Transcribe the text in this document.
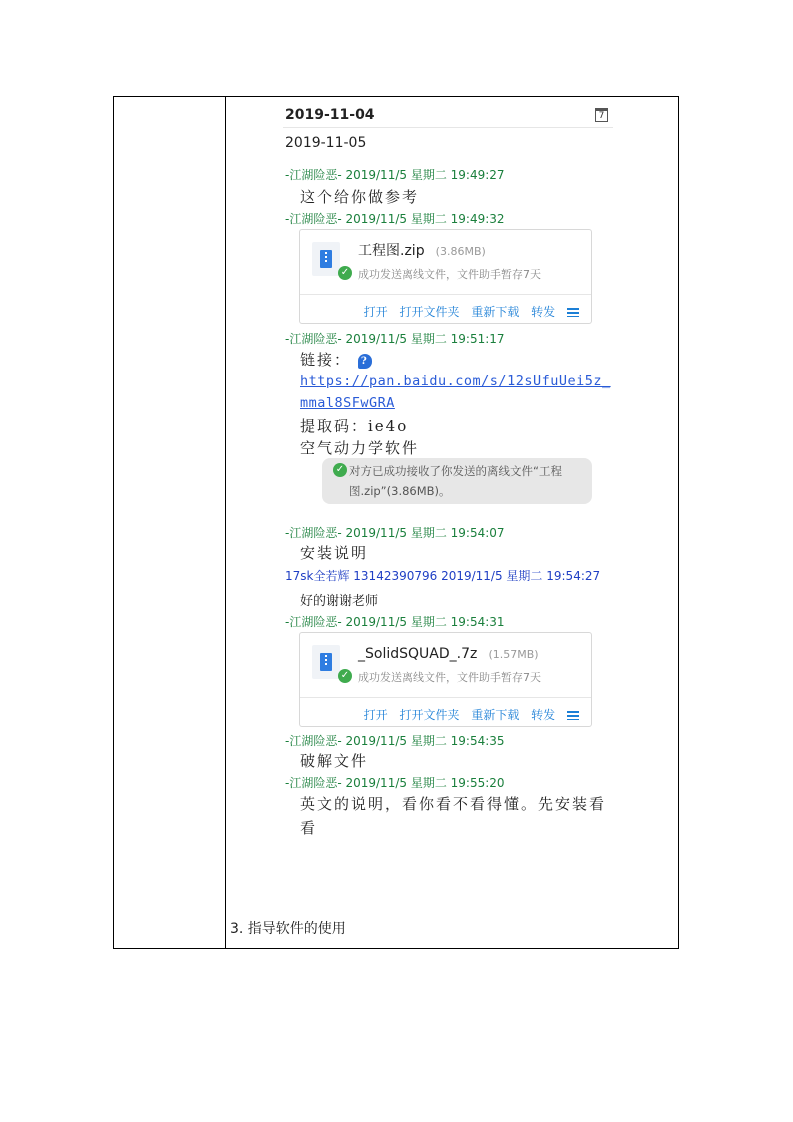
2019-11-04	7
2019-11-05
-江湖险恶- 2019/11/5 星期二 19:49:27
这个给你做参考
-江湖险恶- 2019/11/5 星期二 19:49:32
✓
工程图.zip (3.86MB)
成功发送离线文件，文件助手暂存7天
打开 打开文件夹 重新下载 转发
-江湖险恶- 2019/11/5 星期二 19:51:17
链接： ?
https://pan.baidu.com/s/12sUfuUei5z_
mmal8SFwGRA
提取码：ie4o
空气动力学软件
✓ 对方已成功接收了你发送的离线文件“工程
图.zip”(3.86MB)。
-江湖险恶- 2019/11/5 星期二 19:54:07
安装说明
17sk全若辉 13142390796 2019/11/5 星期二 19:54:27
好的谢谢老师
-江湖险恶- 2019/11/5 星期二 19:54:31
✓
_SolidSQUAD_.7z (1.57MB)
成功发送离线文件，文件助手暂存7天
打开 打开文件夹 重新下载 转发
-江湖险恶- 2019/11/5 星期二 19:54:35
破解文件
-江湖险恶- 2019/11/5 星期二 19:55:20
英文的说明，看你看不看得懂。先安装看
看
3. 指导软件的使用
